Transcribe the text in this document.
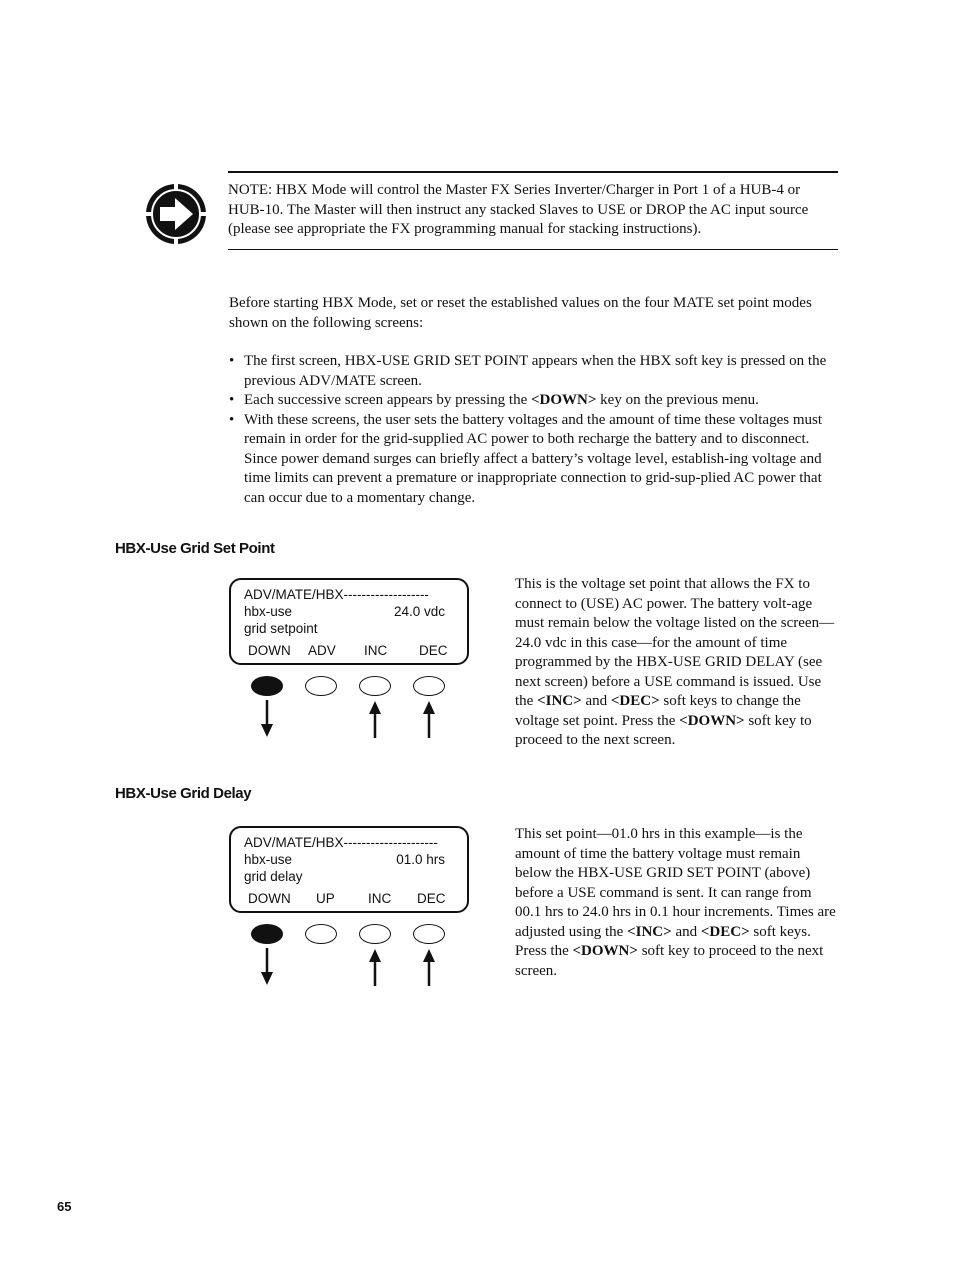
NOTE: HBX Mode will control the Master FX Series Inverter/Charger in Port 1 of a HUB-4 or HUB-10. The Master will then instruct any stacked Slaves to USE or DROP the AC input source (please see appropriate the FX programming manual for stacking instructions).

Before starting HBX Mode, set or reset the established values on the four MATE set point modes shown on the following screens:

• The first screen, HBX-USE GRID SET POINT appears when the HBX soft key is pressed on the previous ADV/MATE screen.
• Each successive screen appears by pressing the <DOWN> key on the previous menu.
• With these screens, the user sets the battery voltages and the amount of time these voltages must remain in order for the grid-supplied AC power to both recharge the battery and to disconnect. Since power demand surges can briefly affect a battery’s voltage level, establish-ing voltage and time limits can prevent a premature or inappropriate connection to grid-sup-plied AC power that can occur due to a momentary change.
HBX-Use Grid Set Point
ADV/MATE/HBX-------------------
hbx-use	24.0 vdc
grid setpoint
DOWN ADV INC DEC

This is the voltage set point that allows the FX to connect to (USE) AC power. The battery volt-age must remain below the voltage listed on the screen—24.0 vdc in this case—for the amount of time programmed by the HBX-USE GRID DELAY (see next screen) before a USE command is issued. Use the <INC> and <DEC> soft keys to change the voltage set point. Press the <DOWN> soft key to proceed to the next screen.

HBX-Use Grid Delay
ADV/MATE/HBX---------------------
hbx-use	01.0 hrs
grid delay
DOWN UP INC DEC

This set point—01.0 hrs in this example—is the amount of time the battery voltage must remain below the HBX-USE GRID SET POINT (above) before a USE command is sent. It can range from 00.1 hrs to 24.0 hrs in 0.1 hour increments. Times are adjusted using the <INC> and <DEC> soft keys. Press the <DOWN> soft key to proceed to the next screen.

65
